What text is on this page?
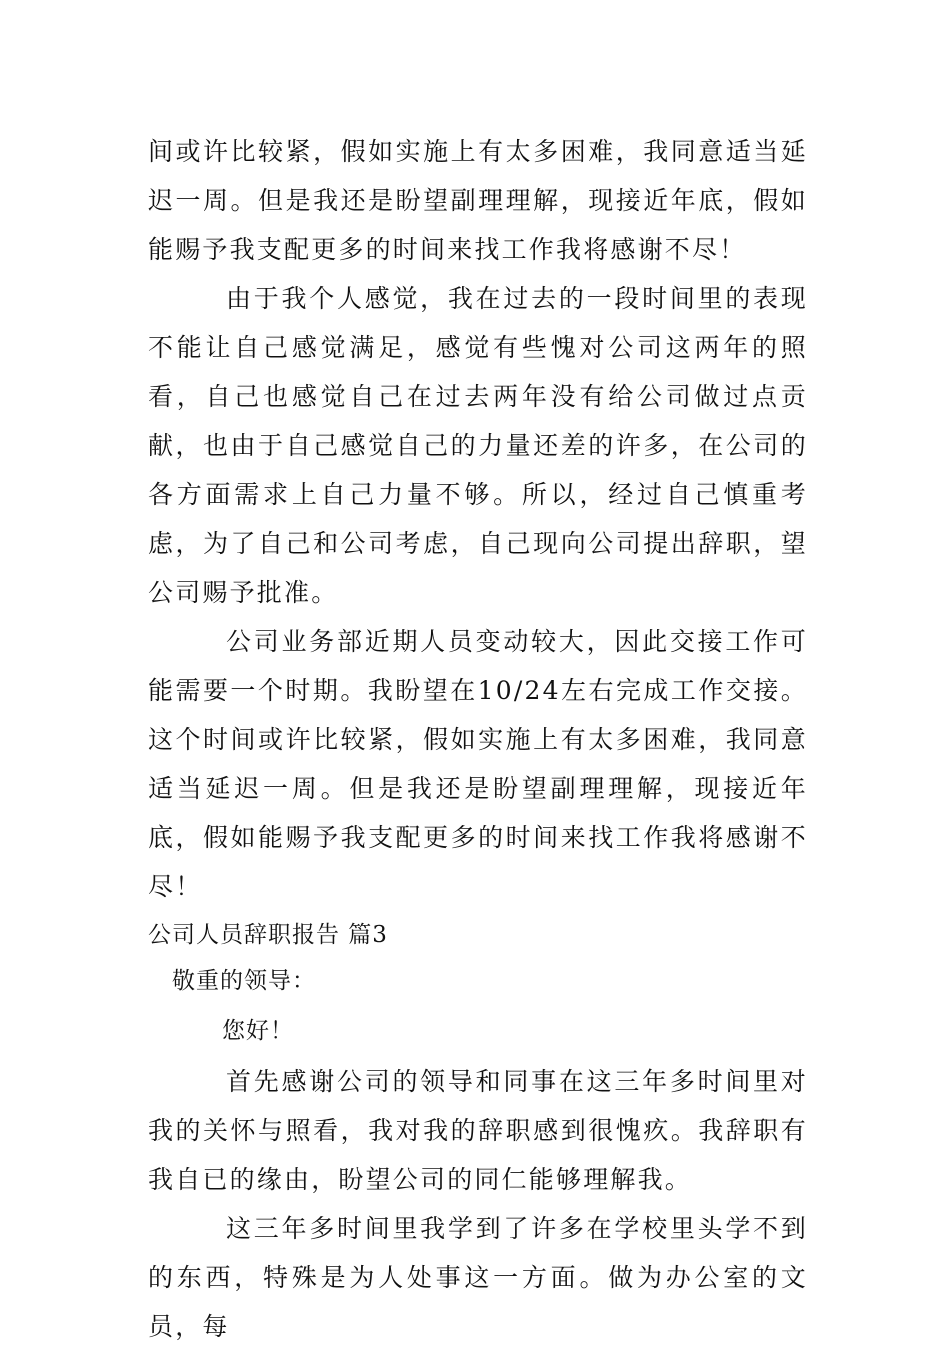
间或许比较紧，假如实施上有太多困难，我同意适当延迟一周。但是我还是盼望副理理解，现接近年底，假如能赐予我支配更多的时间来找工作我将感谢不尽！

由于我个人感觉，我在过去的一段时间里的表现不能让自己感觉满足，感觉有些愧对公司这两年的照看，自己也感觉自己在过去两年没有给公司做过点贡献，也由于自己感觉自己的力量还差的许多，在公司的各方面需求上自己力量不够。所以，经过自己慎重考虑，为了自己和公司考虑，自己现向公司提出辞职，望公司赐予批准。

公司业务部近期人员变动较大，因此交接工作可能需要一个时期。我盼望在10/24左右完成工作交接。这个时间或许比较紧，假如实施上有太多困难，我同意适当延迟一周。但是我还是盼望副理理解，现接近年底，假如能赐予我支配更多的时间来找工作我将感谢不尽！

公司人员辞职报告 篇3

敬重的领导：

您好！

首先感谢公司的领导和同事在这三年多时间里对我的关怀与照看，我对我的辞职感到很愧疚。我辞职有我自已的缘由，盼望公司的同仁能够理解我。

这三年多时间里我学到了许多在学校里头学不到的东西，特殊是为人处事这一方面。做为办公室的文员，每
